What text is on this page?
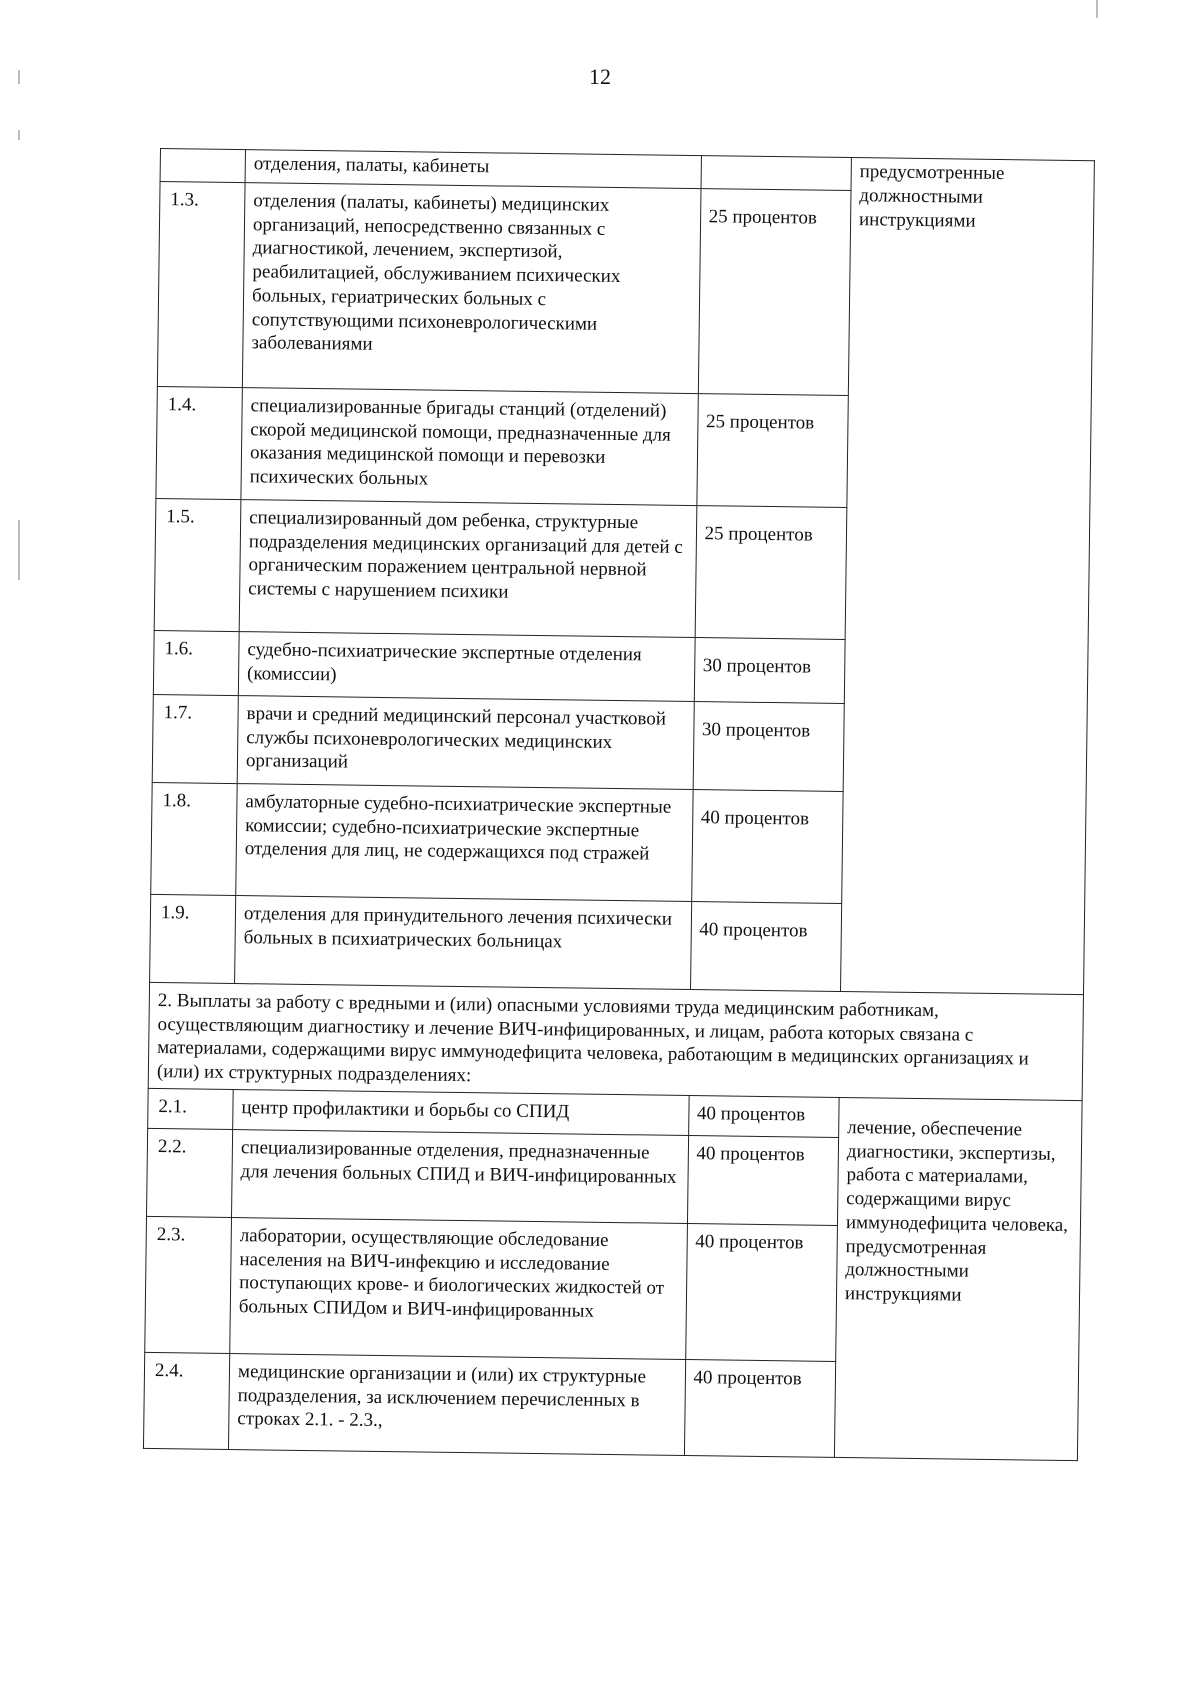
12
	отделения, палаты, кабинеты		предусмотренные должностными инструкциями
1.3.	отделения (палаты, кабинеты) медицинских организаций, непосредственно связанных с диагностикой, лечением, экспертизой, реабилитацией, обслуживанием психических больных, гериатрических больных с сопутствующими психоневрологическими заболеваниями	25 процентов	
1.4.	специализированные бригады станций (отделений) скорой медицинской помощи, предназначенные для оказания медицинской помощи и перевозки психических больных	25 процентов	
1.5.	специализированный дом ребенка, структурные подразделения медицинских организаций для детей с органическим поражением центральной нервной системы с нарушением психики	25 процентов	
1.6.	судебно-психиатрические экспертные отделения (комиссии)	30 процентов	
1.7.	врачи и средний медицинский персонал участковой службы психоневрологических медицинских организаций	30 процентов	
1.8.	амбулаторные судебно-психиатрические экспертные комиссии; судебно-психиатрические экспертные отделения для лиц, не содержащихся под стражей	40 процентов	
1.9.	отделения для принудительного лечения психически больных в психиатрических больницах	40 процентов	
2. Выплаты за работу с вредными и (или) опасными условиями труда медицинским работникам, осуществляющим диагностику и лечение ВИЧ-инфицированных, и лицам, работа которых связана с материалами, содержащими вирус иммунодефицита человека, работающим в медицинских организациях и (или) их структурных подразделениях:			
2.1.	центр профилактики и борьбы со СПИД	40 процентов	лечение, обеспечение диагностики, экспертизы, работа с материалами, содержащими вирус иммунодефицита человека, предусмотренная должностными инструкциями
2.2.	специализированные отделения, предназначенные для лечения больных СПИД и ВИЧ-инфицированных	40 процентов	
2.3.	лаборатории, осуществляющие обследование населения на ВИЧ-инфекцию и исследование поступающих крове- и биологических жидкостей от больных СПИДом и ВИЧ-инфицированных	40 процентов	
2.4.	медицинские организации и (или) их структурные подразделения, за исключением перечисленных в строках 2.1. - 2.3.,	40 процентов	
